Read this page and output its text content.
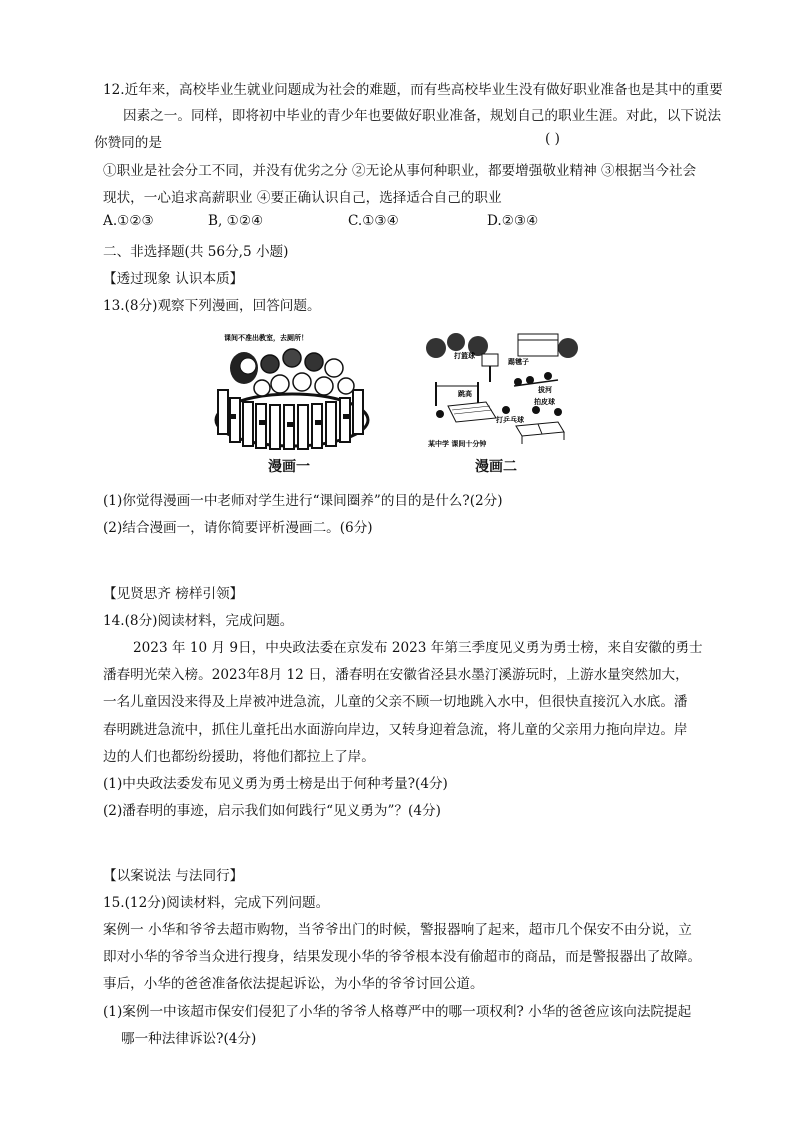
12.近年来，高校毕业生就业问题成为社会的难题，而有些高校毕业生没有做好职业准备也是其中的重要
因素之一。同样，即将初中毕业的青少年也要做好职业准备，规划自己的职业生涯。对此，以下说法
你赞同的是	( )
①职业是社会分工不同，并没有优劣之分 ②无论从事何种职业，都要增强敬业精神 ③根据当今社会
现状，一心追求高薪职业 ④要正确认识自己，选择适合自己的职业
A.①②③	B, ①②④	C.①③④	D.②③④
二、非选择题(共 56分,5 小题)
【透过现象 认识本质】
13.(8分)观察下列漫画，回答问题。
课间不准出教室，去厕所！
漫画一
打篮球
踢毽子
跳高	拔河
拍皮球
打乒乓球
某中学 课间十分钟
漫画二
(1)你觉得漫画一中老师对学生进行“课间圈养”的目的是什么?(2分)
(2)结合漫画一，请你简要评析漫画二。(6分)
【见贤思齐 榜样引领】
14.(8分)阅读材料，完成问题。
2023 年 10 月 9日，中央政法委在京发布 2023 年第三季度见义勇为勇士榜，来自安徽的勇士
潘春明光荣入榜。2023年8月 12 日，潘春明在安徽省泾县水墨汀溪游玩时，上游水量突然加大，
一名儿童因没来得及上岸被冲进急流，儿童的父亲不顾一切地跳入水中，但很快直接沉入水底。潘
春明跳进急流中，抓住儿童托出水面游向岸边，又转身迎着急流，将儿童的父亲用力拖向岸边。岸
边的人们也都纷纷援助，将他们都拉上了岸。
(1)中央政法委发布见义勇为勇士榜是出于何种考量?(4分)
(2)潘春明的事迹，启示我们如何践行“见义勇为”？(4分)
【以案说法 与法同行】
15.(12分)阅读材料，完成下列问题。
案例一 小华和爷爷去超市购物，当爷爷出门的时候，警报器响了起来，超市几个保安不由分说，立
即对小华的爷爷当众进行搜身，结果发现小华的爷爷根本没有偷超市的商品，而是警报器出了故障。
事后，小华的爸爸准备依法提起诉讼，为小华的爷爷讨回公道。
(1)案例一中该超市保安们侵犯了小华的爷爷人格尊严中的哪一项权利? 小华的爸爸应该向法院提起
哪一种法律诉讼?(4分)
